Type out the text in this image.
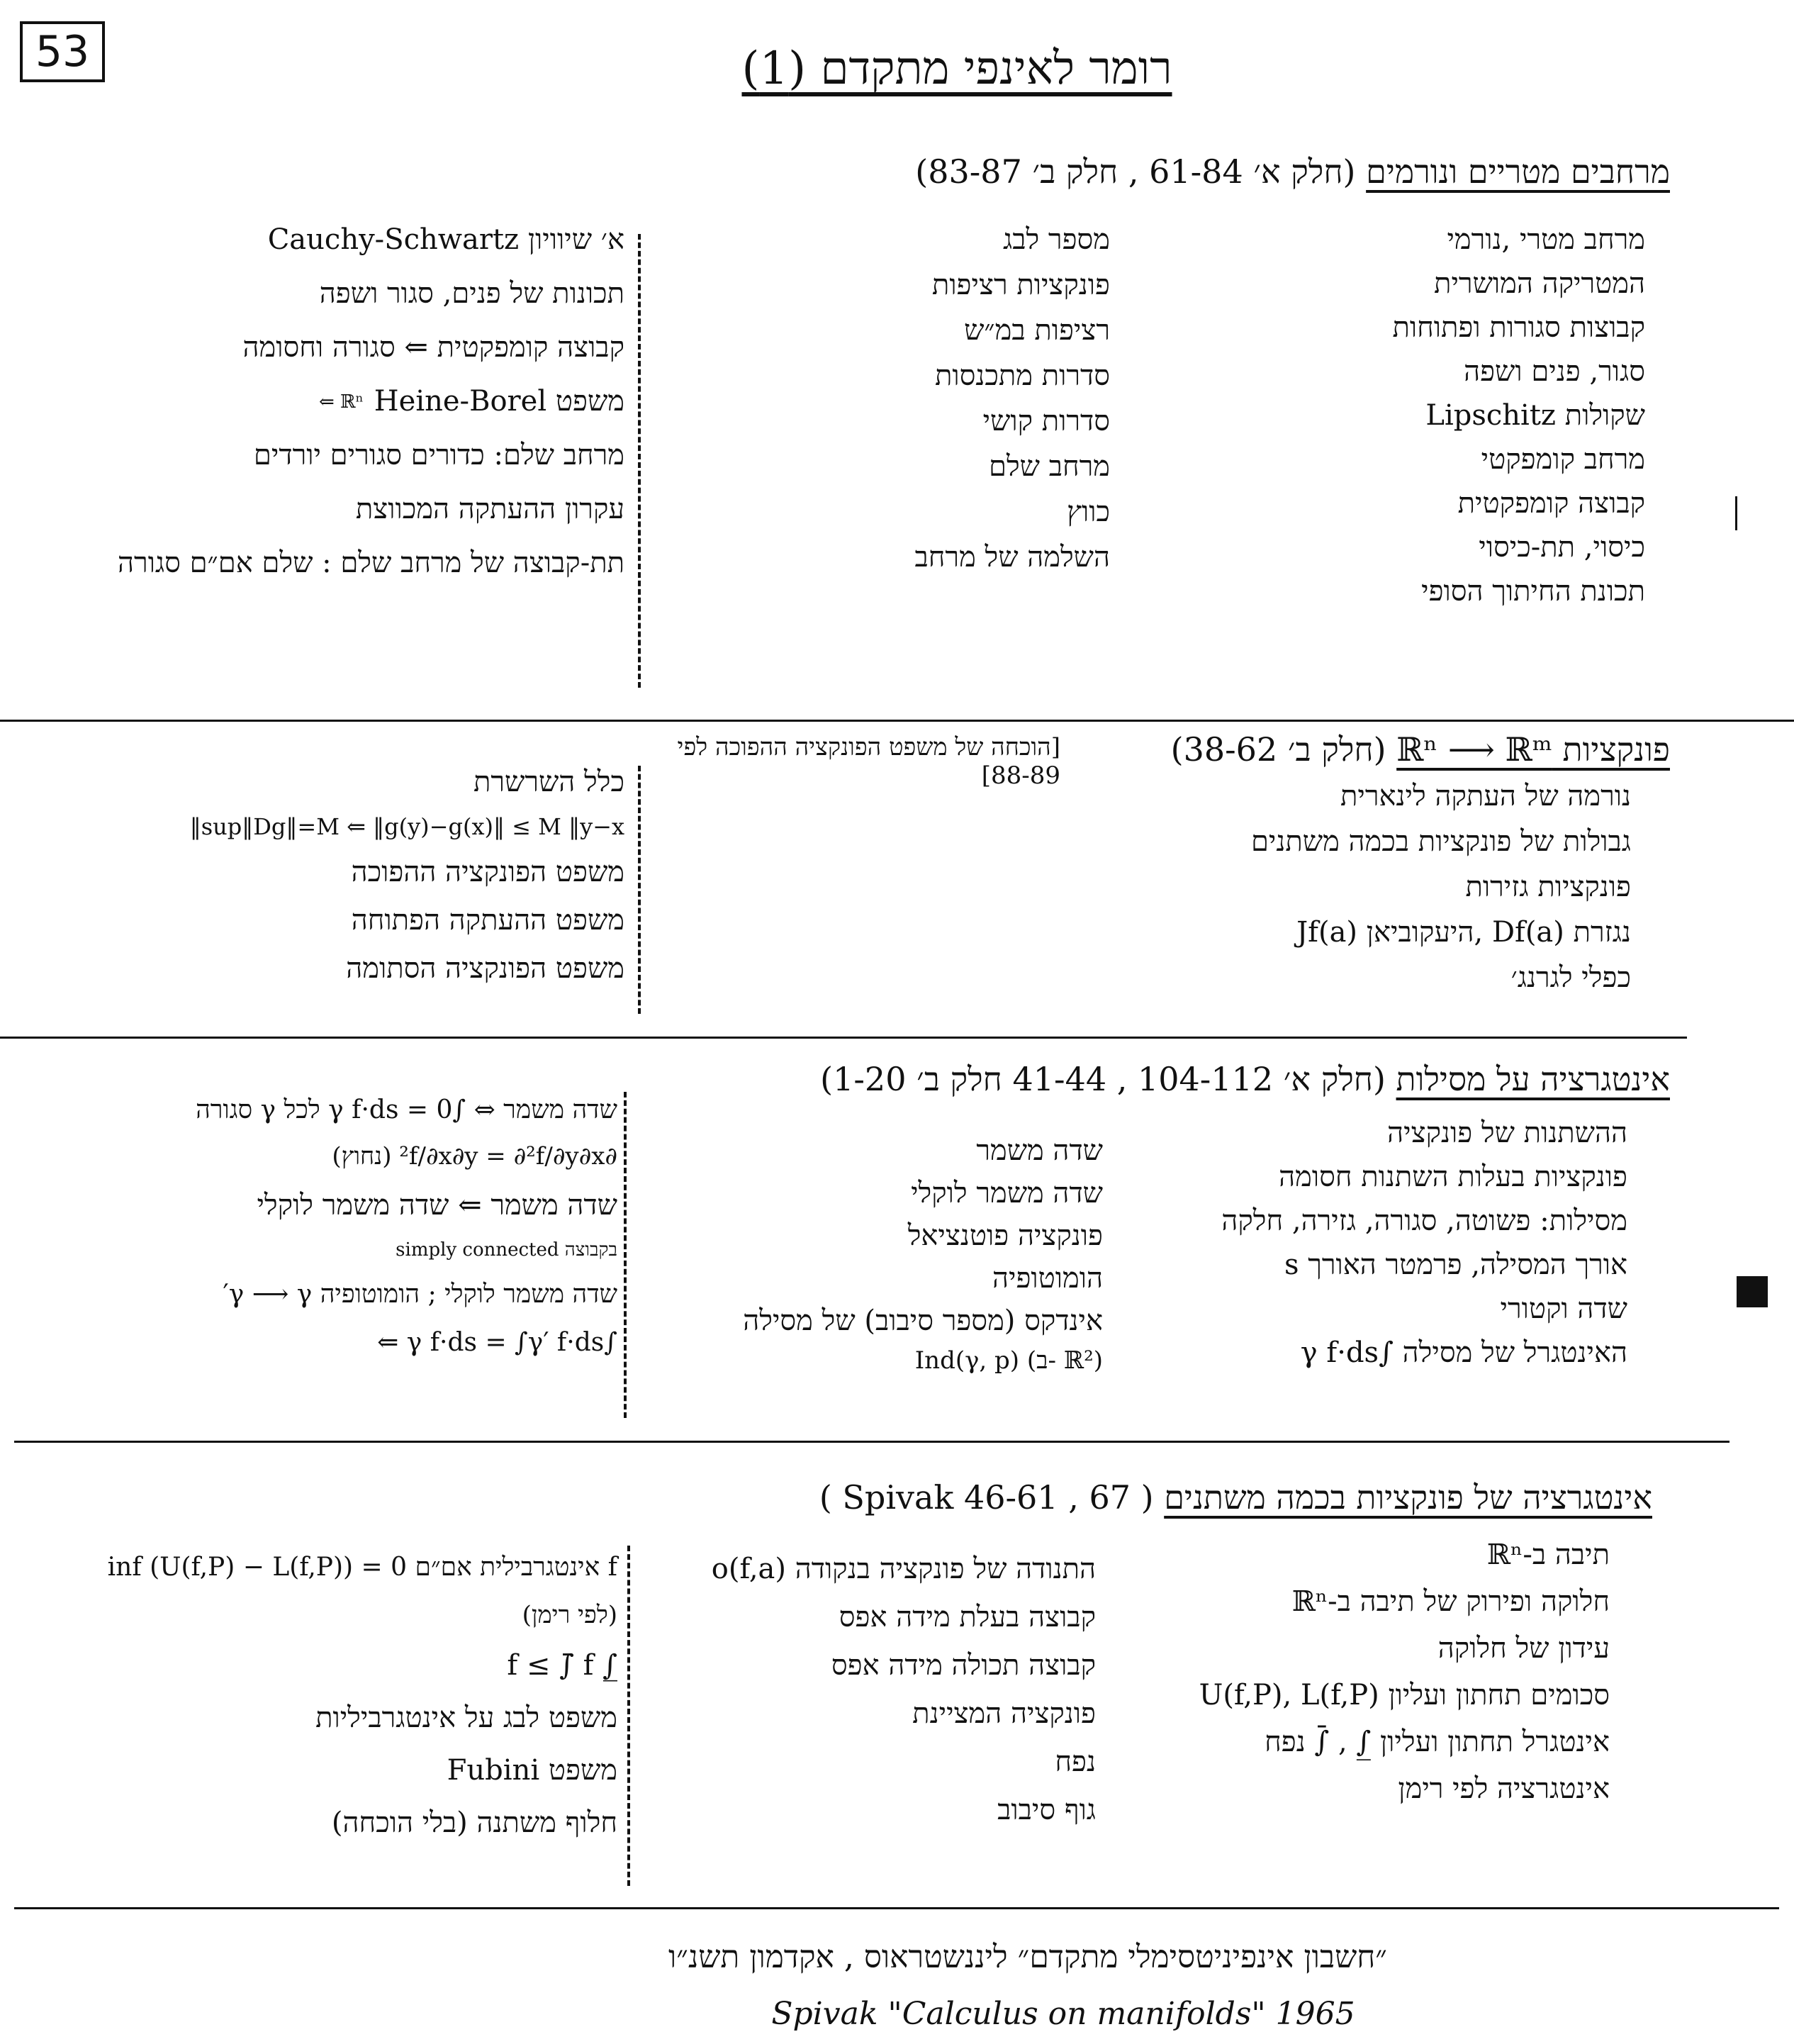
53	רומר לאינפי מתקדם (1)
מרחבים מטריים ונורמים (חלק א׳ 61-84 , חלק ב׳ 83-87)
מרחב מטרי ,נורמי
המטריקה המושרית
קבוצות סגורות ופתוחות
סגור, פנים ושפה
שקולות Lipschitz
מרחב קומפקטי
קבוצה קומפקטית
כיסוי, תת-כיסוי
תכונת החיתוך הסופי
מספר לבג
פונקציות רציפות
רציפות במ״ש
סדרות מתכנסות
סדרות קושי
מרחב שלם
כווץ
השלמה של מרחב
א׳ שיוויון Cauchy-Schwartz
תכונות של פנים, סגור ושפה
קבוצה קומפקטית ⇐ סגורה וחסומה
משפט Heine-Borel
מרחב שלם: כדורים סגורים יורדים
עקרון ההעתקה המכווצת
תת-קבוצה של מרחב שלם : שלם אם״ם סגורה
⇐ ℝⁿ
פונקציות ℝⁿ ⟶ ℝᵐ (חלק ב׳ 38-62)
[הוכחה של משפט הפונקציה ההפוכה לפי 88-89]
נורמה של העתקה לינארית
גבולות של פונקציות בכמה משתנים
פונקציות גזירות
נגזרת Df(a) ,היעקוביאן Jf(a)
כפלי לגרנג׳
כלל השרשרת
sup‖Dg‖=M ⇐ ‖g(y)−g(x)‖ ≤ M ‖y−x‖
משפט הפונקציה ההפוכה
משפט ההעתקה הפתוחה
משפט הפונקציה הסתומה
אינטגרציה על מסילות (חלק א׳ 104-112 , 41-44 חלק ב׳ 1-20)
ההשתנות של פונקציה
פונקציות בעלות השתנות חסומה
מסילות: פשוטה, סגורה, גזירה, חלקה
אורך המסילה, פרמטר האורך s
שדה וקטורי
האינטגרל של מסילה ∫γ f·ds
שדה משמר
שדה משמר לוקלי
פונקציה פוטנציאל
הומוטופיה
אינדקס (מספר סיבוב) של מסילה
(ℝ² -ב) Ind(γ, p)
שדה משמר ⇔ ∫γ f·ds = 0 לכל γ סגורה
∂²f/∂x∂y = ∂²f/∂y∂x (נחוץ)
שדה משמר ⇐ שדה משמר לוקלי
בקבוצה simply connected
שדה משמר לוקלי ; הומוטופיה γ ⟶ γ′
∫γ f·ds = ∫γ′ f·ds ⇐
אינטגרציה של פונקציות בכמה משתנים ( Spivak 46-61 , 67 )
תיבה ב-ℝⁿ
חלוקה ופירוק של תיבה ב-ℝⁿ
עידון של חלוקה
סכומים תחתון ועליון (U(f,P), L(f,P
אינטגרל תחתון ועליון ∫̲ , ∫̄ נפח
אינטגרציה לפי רימן
התנודה של פונקציה בנקודה o(f,a)
קבוצה בעלת מידה אפס
קבוצה תכולה מידה אפס
פונקציה המציינת
נפח
גוף סיבוב
f אינטגרבילית אם״ם inf (U(f,P) − L(f,P)) = 0
(לפי רימן)
∫̲ f ≤ ∫̄ f
משפט לבג על אינטגרביליות
משפט Fubini
חלוף משתנה (בלי הוכחה)
״חשבון אינפיניטסימלי מתקדם״ ליננשטראוס , אקדמון תשנ״ו
Spivak "Calculus on manifolds" 1965
